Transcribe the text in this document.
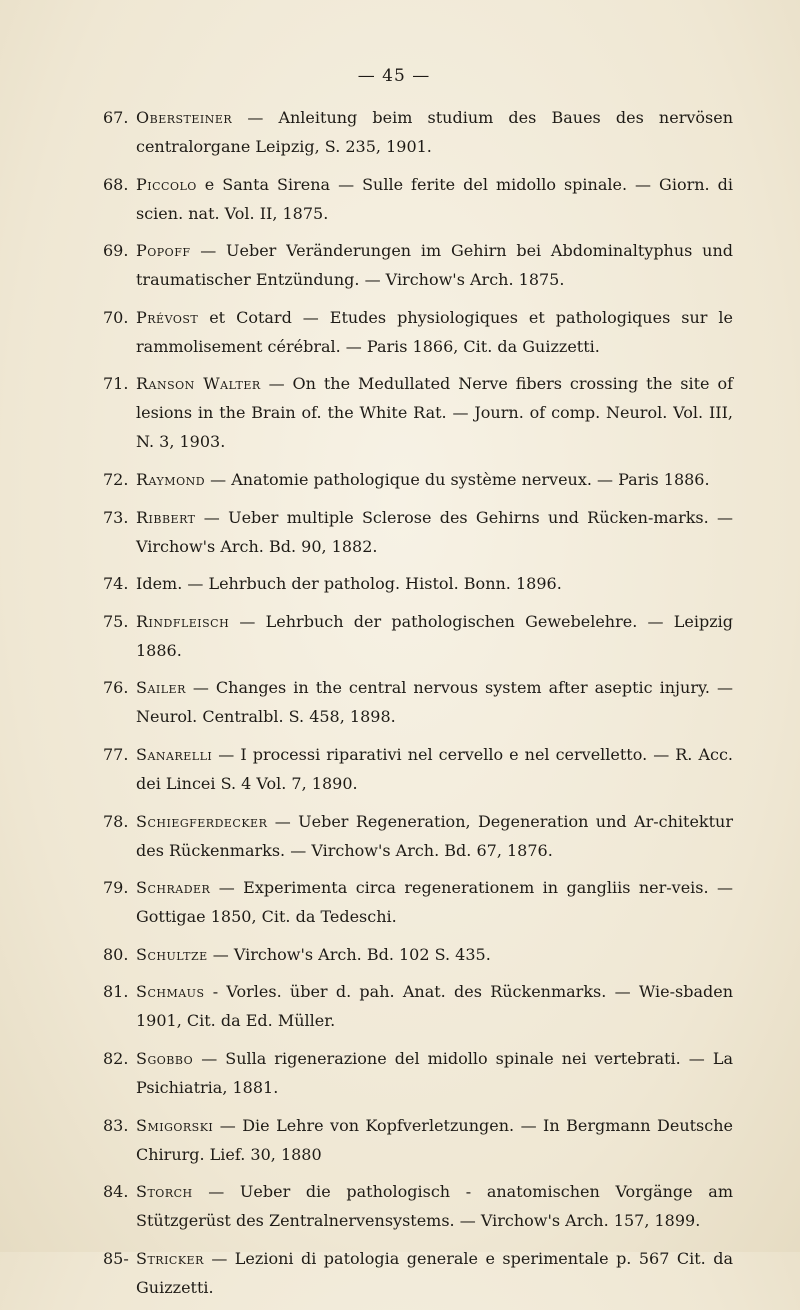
— 45 —
67. Obersteiner — Anleitung beim studium des Baues des nervösen centralorgane Leipzig, S. 235, 1901.
68. Piccolo e Santa Sirena — Sulle ferite del midollo spinale. — Giorn. di scien. nat. Vol. II, 1875.
69. Popoff — Ueber Veränderungen im Gehirn bei Abdominaltyphus und traumatischer Entzündung. — Virchow's Arch. 1875.
70. Prévost et Cotard — Etudes physiologiques et pathologiques sur le rammolisement cérébral. — Paris 1866, Cit. da Guizzetti.
71. Ranson Walter — On the Medullated Nerve fibers crossing the site of lesions in the Brain of. the White Rat. — Journ. of comp. Neurol. Vol. III, N. 3, 1903.
72. Raymond — Anatomie pathologique du système nerveux. — Paris 1886.
73. Ribbert — Ueber multiple Sclerose des Gehirns und Rücken-marks. — Virchow's Arch. Bd. 90, 1882.
74. Idem. — Lehrbuch der patholog. Histol. Bonn. 1896.
75. Rindfleisch — Lehrbuch der pathologischen Gewebelehre. — Leipzig 1886.
76. Sailer — Changes in the central nervous system after aseptic injury. — Neurol. Centralbl. S. 458, 1898.
77. Sanarelli — I processi riparativi nel cervello e nel cervelletto. — R. Acc. dei Lincei S. 4 Vol. 7, 1890.
78. Schiegferdecker — Ueber Regeneration, Degeneration und Ar-chitektur des Rückenmarks. — Virchow's Arch. Bd. 67, 1876.
79. Schrader — Experimenta circa regenerationem in gangliis ner-veis. — Gottigae 1850, Cit. da Tedeschi.
80. Schultze — Virchow's Arch. Bd. 102 S. 435.
81. Schmaus - Vorles. über d. pah. Anat. des Rückenmarks. — Wie-sbaden 1901, Cit. da Ed. Müller.
82. Sgobbo — Sulla rigenerazione del midollo spinale nei vertebrati. — La Psichiatria, 1881.
83. Smigorski — Die Lehre von Kopfverletzungen. — In Bergmann Deutsche Chirurg. Lief. 30, 1880
84. Storch — Ueber die pathologisch - anatomischen Vorgänge am Stützgerüst des Zentralnervensystems. — Virchow's Arch. 157, 1899.
85- Stricker — Lezioni di patologia generale e sperimentale p. 567 Cit. da Guizzetti.
